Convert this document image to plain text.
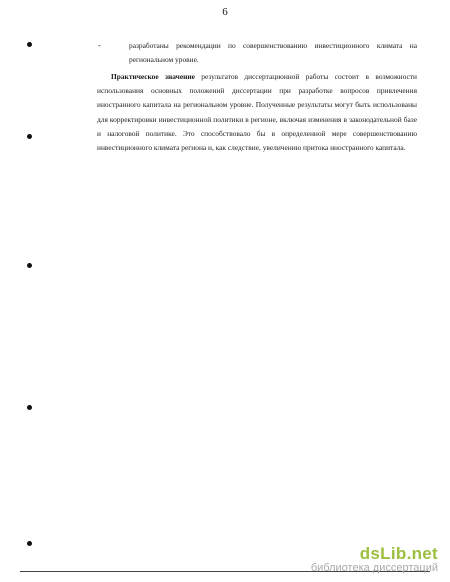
6
-	разработаны рекомендации по совершенствованию инвестиционного климата на региональном уровне.
Практическое значение результатов диссертационной работы состоит в возможности использования основных положений диссертации при разработке вопросов привлечения иностранного капитала на региональном уровне. Полученные результаты могут быть использованы для корректировки инвестиционной политики в регионе, включая изменения в законодательной базе и налоговой политике. Это способствовало бы в определенной мере совершенствованию инвестиционного климата региона и, как следствие, увеличению притока иностранного капитала.
dsLib.net
библиотека диссертаций
